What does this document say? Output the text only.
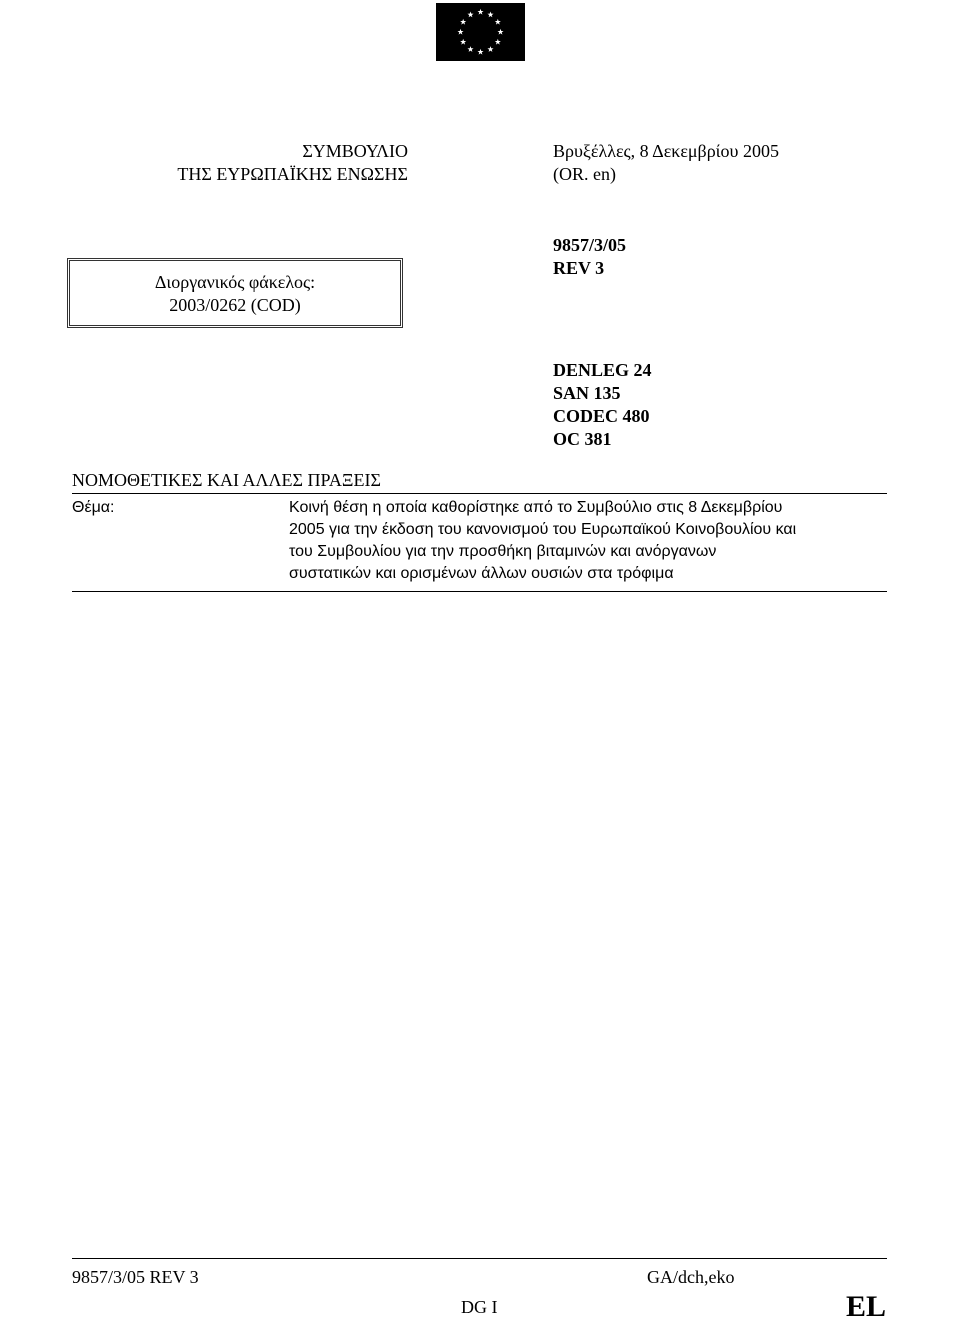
ΣΥΜΒΟΥΛΙΟ
ΤΗΣ ΕΥΡΩΠΑΪΚΗΣ ΕΝΩΣΗΣ
Βρυξέλλες, 8 Δεκεμβρίου 2005
(OR. en)
Διοργανικός φάκελος:
2003/0262 (COD)
9857/3/05
REV 3
DENLEG 24
SAN 135
CODEC 480
OC 381
ΝΟΜΟΘΕΤΙΚΕΣ ΚΑΙ ΑΛΛΕΣ ΠΡΑΞΕΙΣ
Θέμα:	Κοινή θέση η οποία καθορίστηκε από το Συμβούλιο στις 8 Δεκεμβρίου
2005 για την έκδοση του κανονισμού του Ευρωπαϊκού Κοινοβουλίου και
του Συμβουλίου για την προσθήκη βιταμινών και ανόργανων
συστατικών και ορισμένων άλλων ουσιών στα τρόφιμα
9857/3/05 REV 3	GA/dch,eko
DG I	EL
